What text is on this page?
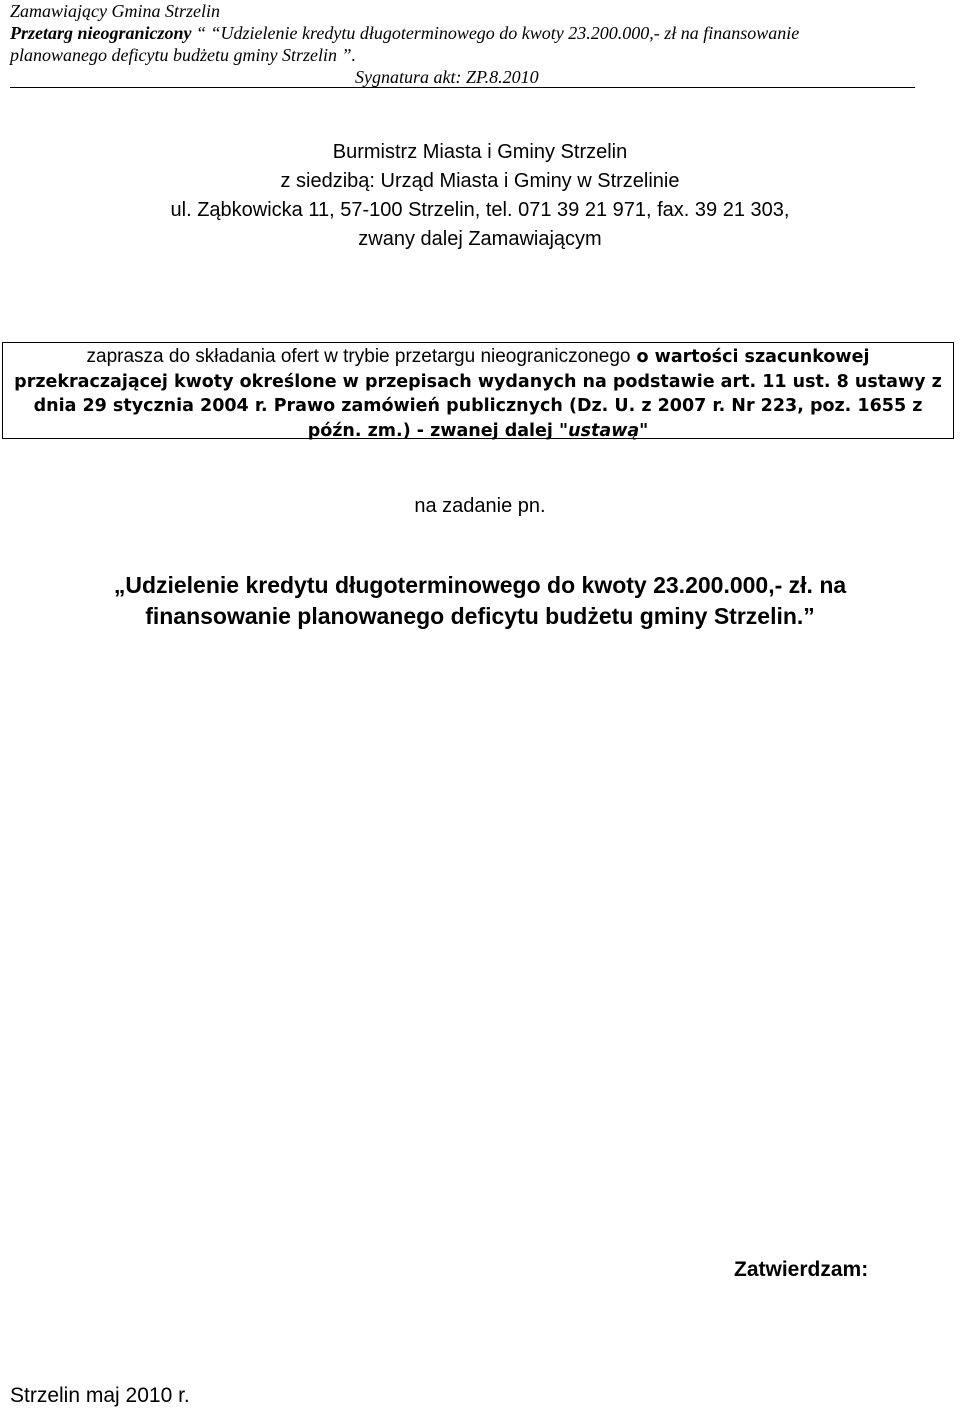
Zamawiający Gmina Strzelin
Przetarg nieograniczony “ “Udzielenie kredytu długoterminowego do kwoty 23.200.000,- zł na finansowanie
planowanego deficytu budżetu gminy Strzelin ”.
Sygnatura akt: ZP.8.2010
Burmistrz Miasta i Gminy Strzelin
z siedzibą: Urząd Miasta i Gminy w Strzelinie
ul. Ząbkowicka 11, 57-100 Strzelin, tel. 071 39 21 971, fax. 39 21 303,
zwany dalej Zamawiającym
zaprasza do składania ofert w trybie przetargu nieograniczonego o wartości szacunkowej przekraczającej kwoty określone w przepisach wydanych na podstawie art. 11 ust. 8 ustawy z dnia 29 stycznia 2004 r. Prawo zamówień publicznych (Dz. U. z 2007 r. Nr 223, poz. 1655 z późn. zm.) - zwanej dalej "ustawą"
na zadanie pn.
„Udzielenie kredytu długoterminowego do kwoty 23.200.000,- zł. na
finansowanie planowanego deficytu budżetu gminy Strzelin.”
Zatwierdzam:
Strzelin maj 2010 r.
